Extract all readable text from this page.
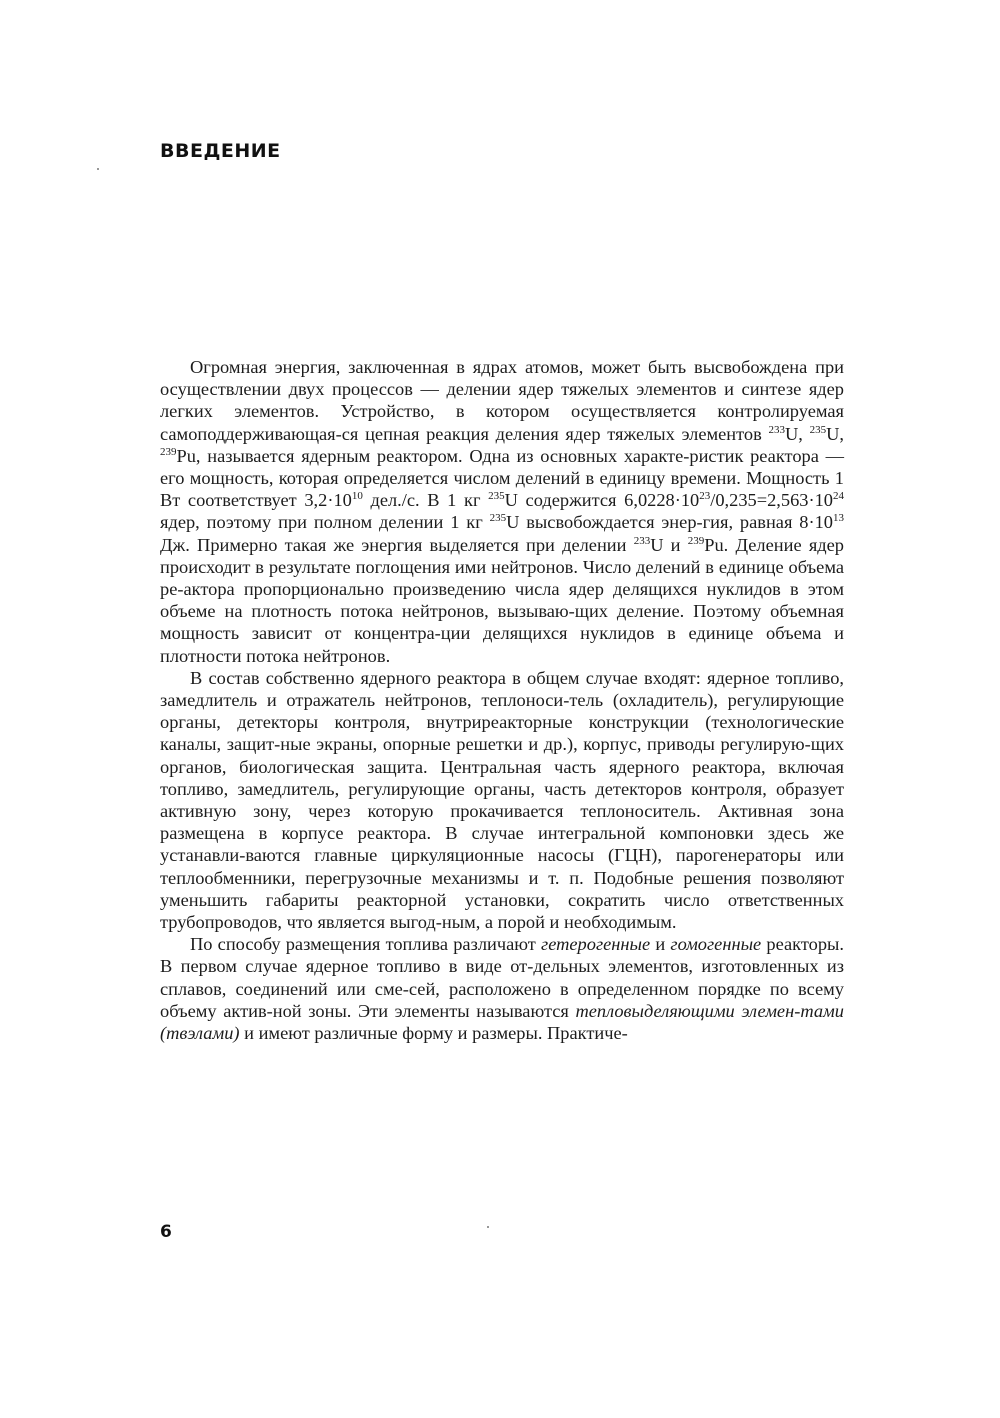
ВВЕДЕНИЕ

Огромная энергия, заключенная в ядрах атомов, может быть высвобождена при осуществлении двух процессов — делении ядер тяжелых элементов и синтезе ядер легких элементов. Устройство, в котором осуществляется контролируемая самоподдерживающая-ся цепная реакция деления ядер тяжелых элементов $^{233}$U, $^{235}$U, $^{239}$Pu, называется ядерным реактором. Одна из основных характе-ристик реактора — его мощность, которая определяется числом делений в единицу времени. Мощность 1 Вт соответствует $3,2\cdot 10^{10}$ дел./с. В 1 кг $^{235}$U содержится $6,0228\cdot 10^{23}/0,235=2,563\cdot 10^{24}$ ядер, поэтому при полном делении 1 кг $^{235}$U высвобождается энер-гия, равная $8\cdot 10^{13}$ Дж. Примерно такая же энергия выделяется при делении $^{233}$U и $^{239}$Pu. Деление ядер происходит в результате поглощения ими нейтронов. Число делений в единице объема ре-актора пропорционально произведению числа ядер делящихся нуклидов в этом объеме на плотность потока нейтронов, вызываю-щих деление. Поэтому объемная мощность зависит от концентра-ции делящихся нуклидов в единице объема и плотности потока нейтронов.

В состав собственно ядерного реактора в общем случае входят: ядерное топливо, замедлитель и отражатель нейтронов, теплоноси-тель (охладитель), регулирующие органы, детекторы контроля, внутриреакторные конструкции (технологические каналы, защит-ные экраны, опорные решетки и др.), корпус, приводы регулирую-щих органов, биологическая защита. Центральная часть ядерного реактора, включая топливо, замедлитель, регулирующие органы, часть детекторов контроля, образует активную зону, через которую прокачивается теплоноситель. Активная зона размещена в корпусе реактора. В случае интегральной компоновки здесь же устанавли-ваются главные циркуляционные насосы (ГЦН), парогенераторы или теплообменники, перегрузочные механизмы и т. п. Подобные решения позволяют уменьшить габариты реакторной установки, сократить число ответственных трубопроводов, что является выгод-ным, а порой и необходимым.

По способу размещения топлива различают гетерогенные и гомогенные реакторы. В первом случае ядерное топливо в виде от-дельных элементов, изготовленных из сплавов, соединений или сме-сей, расположено в определенном порядке по всему объему актив-ной зоны. Эти элементы называются тепловыделяющими элемен-тами (твэлами) и имеют различные форму и размеры. Практиче-

6
